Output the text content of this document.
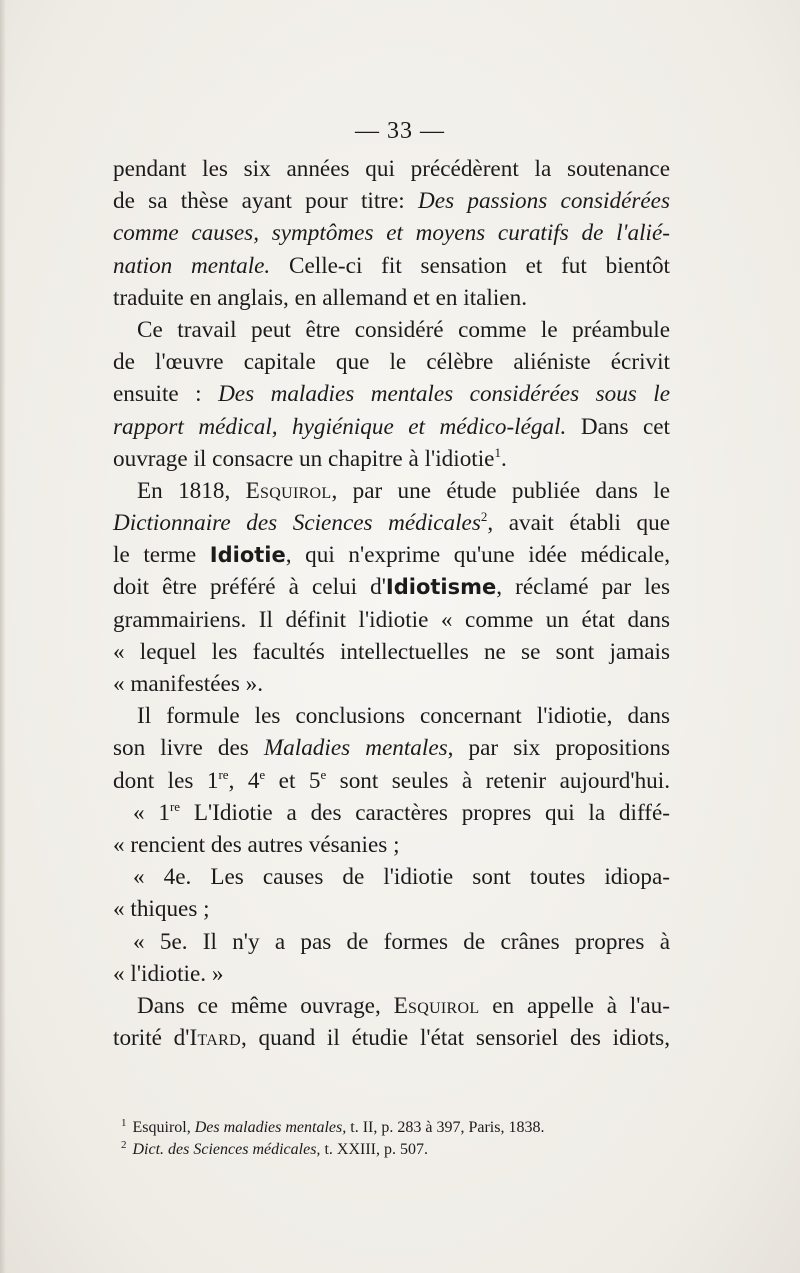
— 33 —
pendant les six années qui précédèrent la soutenance
de sa thèse ayant pour titre: Des passions considérées
comme causes, symptômes et moyens curatifs de l'alié-
nation mentale. Celle-ci fit sensation et fut bientôt
traduite en anglais, en allemand et en italien.
Ce travail peut être considéré comme le préambule
de l'œuvre capitale que le célèbre aliéniste écrivit
ensuite : Des maladies mentales considérées sous le
rapport médical, hygiénique et médico-légal. Dans cet
ouvrage il consacre un chapitre à l'idiotie$^1$.
En 1818, Esquirol, par une étude publiée dans le
Dictionnaire des Sciences médicales$^2$, avait établi que
le terme Idiotie, qui n'exprime qu'une idée médicale,
doit être préféré à celui d'Idiotisme, réclamé par les
grammairiens. Il définit l'idiotie « comme un état dans
« lequel les facultés intellectuelles ne se sont jamais
« manifestées ».
Il formule les conclusions concernant l'idiotie, dans
son livre des Maladies mentales, par six propositions
dont les 1re, 4e et 5e sont seules à retenir aujourd'hui.
« 1re L'Idiotie a des caractères propres qui la diffé-
« rencient des autres vésanies ;
« 4e. Les causes de l'idiotie sont toutes idiopa-
« thiques ;
« 5e. Il n'y a pas de formes de crânes propres à
« l'idiotie. »
Dans ce même ouvrage, Esquirol en appelle à l'au-
torité d'Itard, quand il étudie l'état sensoriel des idiots,
$^1$ Esquirol, Des maladies mentales, t. II, p. 283 à 397, Paris, 1838.
$^2$ Dict. des Sciences médicales, t. XXIII, p. 507.
